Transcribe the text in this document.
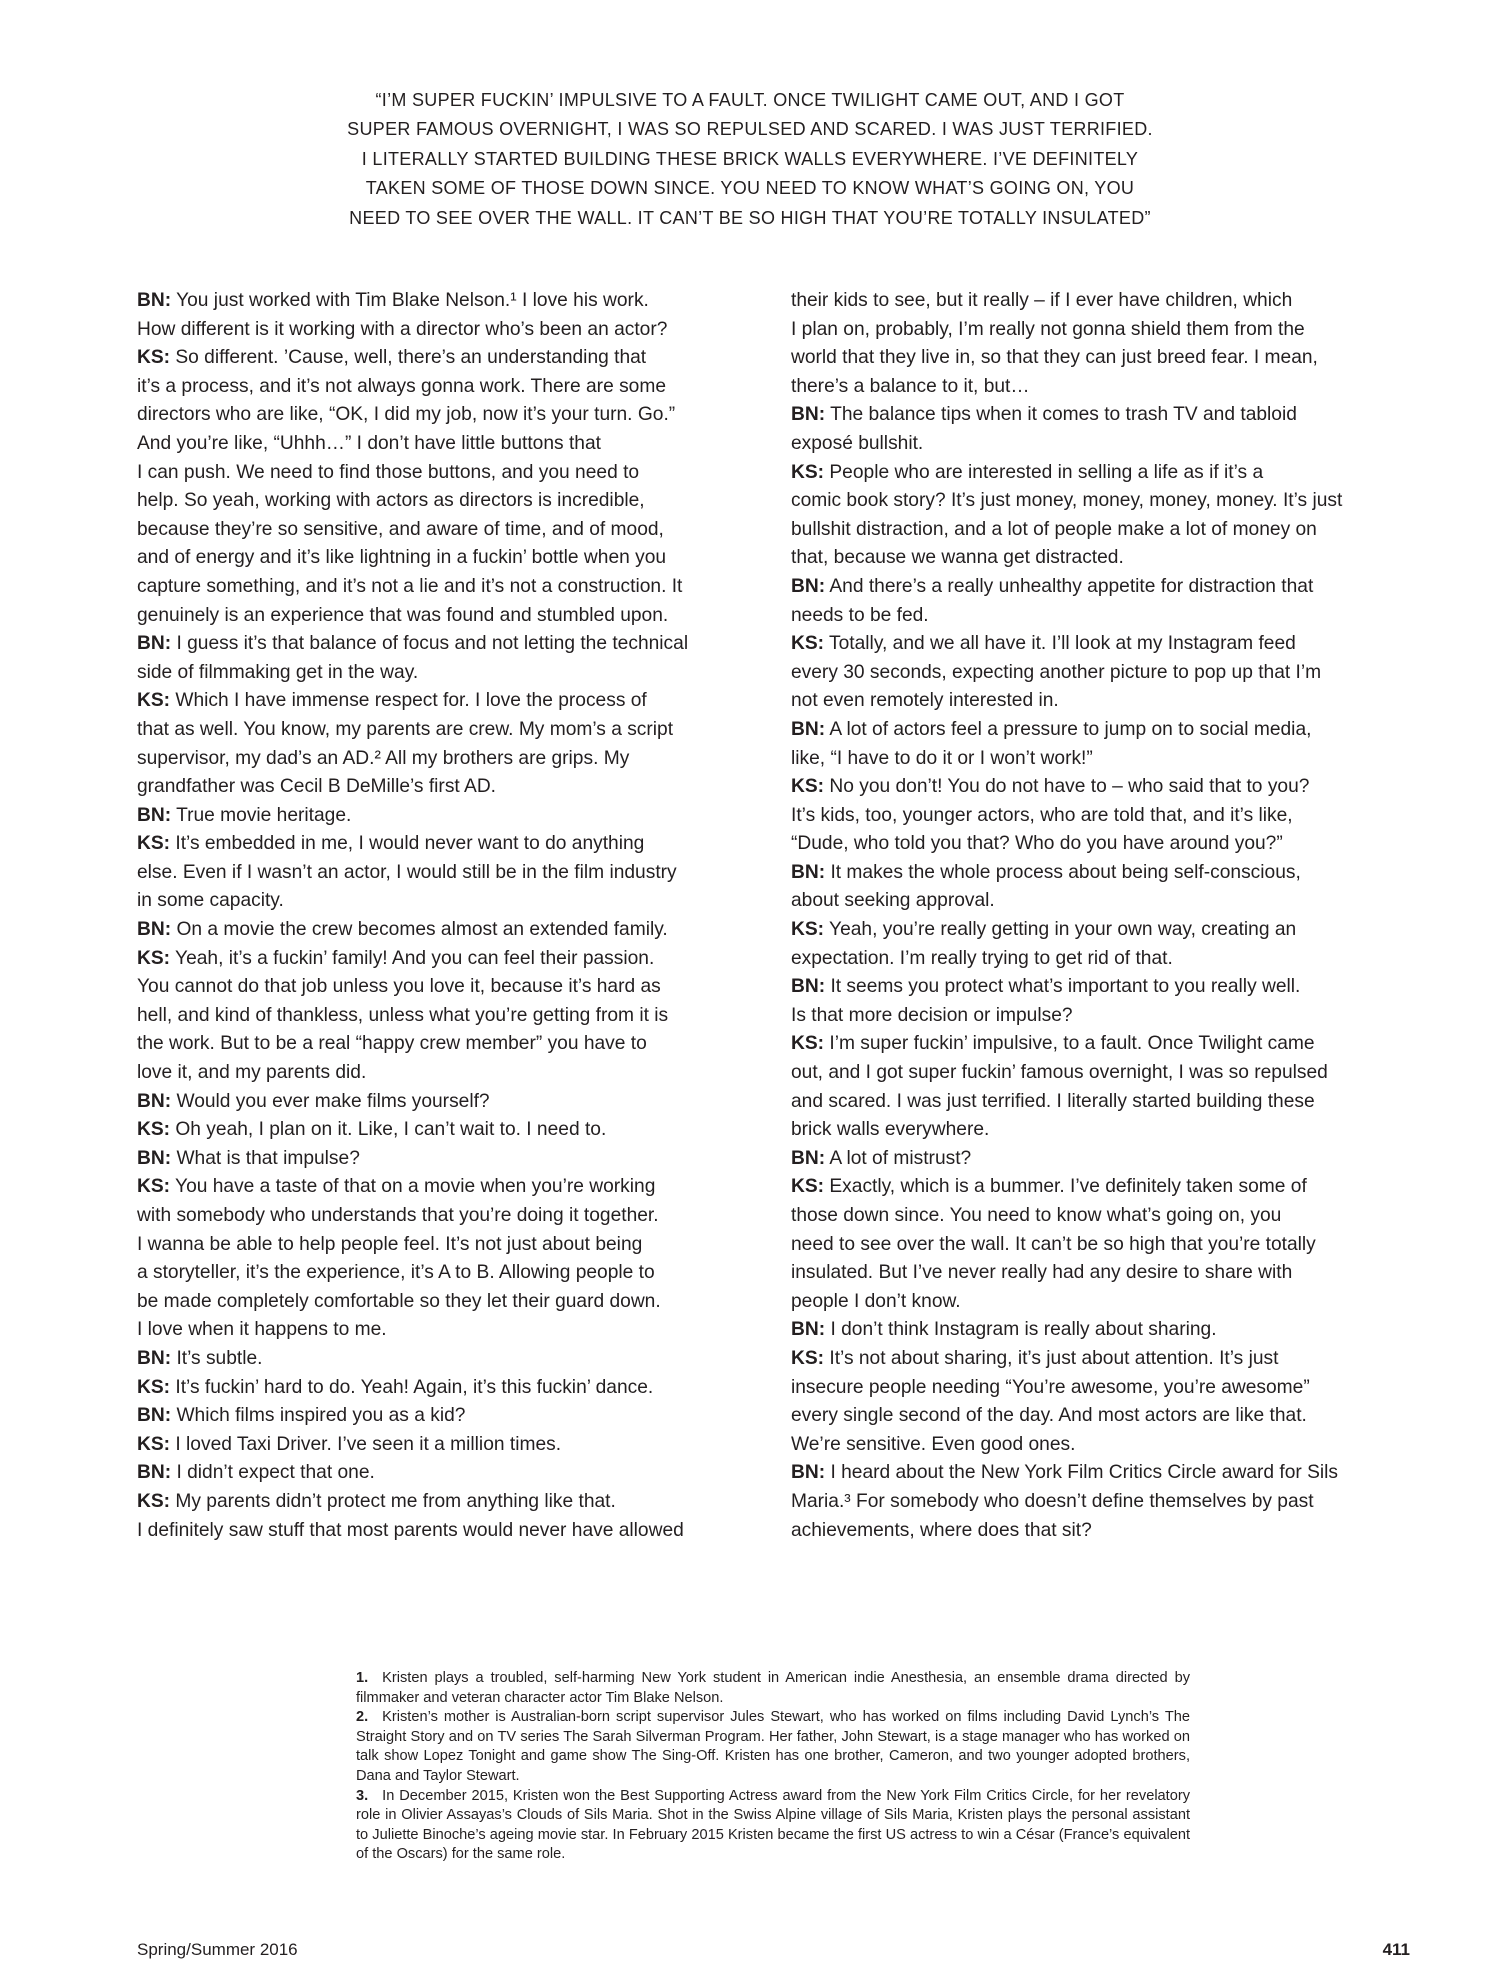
“I’M SUPER FUCKIN’ IMPULSIVE TO A FAULT. ONCE TWILIGHT CAME OUT, AND I GOT
SUPER FAMOUS OVERNIGHT, I WAS SO REPULSED AND SCARED. I WAS JUST TERRIFIED.
I LITERALLY STARTED BUILDING THESE BRICK WALLS EVERYWHERE. I’VE DEFINITELY
TAKEN SOME OF THOSE DOWN SINCE. YOU NEED TO KNOW WHAT’S GOING ON, YOU
NEED TO SEE OVER THE WALL. IT CAN’T BE SO HIGH THAT YOU’RE TOTALLY INSULATED”
BN: You just worked with Tim Blake Nelson.¹ I love his work.
How different is it working with a director who’s been an actor?
KS: So different. ’Cause, well, there’s an understanding that
it’s a process, and it’s not always gonna work. There are some
directors who are like, “OK, I did my job, now it’s your turn. Go.”
And you’re like, “Uhhh…” I don’t have little buttons that
I can push. We need to find those buttons, and you need to
help. So yeah, working with actors as directors is incredible,
because they’re so sensitive, and aware of time, and of mood,
and of energy and it’s like lightning in a fuckin’ bottle when you
capture something, and it’s not a lie and it’s not a construction. It
genuinely is an experience that was found and stumbled upon.
BN: I guess it’s that balance of focus and not letting the technical
side of filmmaking get in the way.
KS: Which I have immense respect for. I love the process of
that as well. You know, my parents are crew. My mom’s a script
supervisor, my dad’s an AD.² All my brothers are grips. My
grandfather was Cecil B DeMille’s first AD.
BN: True movie heritage.
KS: It’s embedded in me, I would never want to do anything
else. Even if I wasn’t an actor, I would still be in the film industry
in some capacity.
BN: On a movie the crew becomes almost an extended family.
KS: Yeah, it’s a fuckin’ family! And you can feel their passion.
You cannot do that job unless you love it, because it’s hard as
hell, and kind of thankless, unless what you’re getting from it is
the work. But to be a real “happy crew member” you have to
love it, and my parents did.
BN: Would you ever make films yourself?
KS: Oh yeah, I plan on it. Like, I can’t wait to. I need to.
BN: What is that impulse?
KS: You have a taste of that on a movie when you’re working
with somebody who understands that you’re doing it together.
I wanna be able to help people feel. It’s not just about being
a storyteller, it’s the experience, it’s A to B. Allowing people to
be made completely comfortable so they let their guard down.
I love when it happens to me.
BN: It’s subtle.
KS: It’s fuckin’ hard to do. Yeah! Again, it’s this fuckin’ dance.
BN: Which films inspired you as a kid?
KS: I loved Taxi Driver. I’ve seen it a million times.
BN: I didn’t expect that one.
KS: My parents didn’t protect me from anything like that.
I definitely saw stuff that most parents would never have allowed
their kids to see, but it really – if I ever have children, which
I plan on, probably, I’m really not gonna shield them from the
world that they live in, so that they can just breed fear. I mean,
there’s a balance to it, but…
BN: The balance tips when it comes to trash TV and tabloid
exposé bullshit.
KS: People who are interested in selling a life as if it’s a
comic book story? It’s just money, money, money, money. It’s just
bullshit distraction, and a lot of people make a lot of money on
that, because we wanna get distracted.
BN: And there’s a really unhealthy appetite for distraction that
needs to be fed.
KS: Totally, and we all have it. I’ll look at my Instagram feed
every 30 seconds, expecting another picture to pop up that I’m
not even remotely interested in.
BN: A lot of actors feel a pressure to jump on to social media,
like, “I have to do it or I won’t work!”
KS: No you don’t! You do not have to – who said that to you?
It’s kids, too, younger actors, who are told that, and it’s like,
“Dude, who told you that? Who do you have around you?”
BN: It makes the whole process about being self-conscious,
about seeking approval.
KS: Yeah, you’re really getting in your own way, creating an
expectation. I’m really trying to get rid of that.
BN: It seems you protect what’s important to you really well.
Is that more decision or impulse?
KS: I’m super fuckin’ impulsive, to a fault. Once Twilight came
out, and I got super fuckin’ famous overnight, I was so repulsed
and scared. I was just terrified. I literally started building these
brick walls everywhere.
BN: A lot of mistrust?
KS: Exactly, which is a bummer. I’ve definitely taken some of
those down since. You need to know what’s going on, you
need to see over the wall. It can’t be so high that you’re totally
insulated. But I’ve never really had any desire to share with
people I don’t know.
BN: I don’t think Instagram is really about sharing.
KS: It’s not about sharing, it’s just about attention. It’s just
insecure people needing “You’re awesome, you’re awesome”
every single second of the day. And most actors are like that.
We’re sensitive. Even good ones.
BN: I heard about the New York Film Critics Circle award for Sils
Maria.³ For somebody who doesn’t define themselves by past
achievements, where does that sit?

1. Kristen plays a troubled, self-harming New York student in American indie Anesthesia, an ensemble drama directed by filmmaker and veteran character actor Tim Blake Nelson.

2. Kristen’s mother is Australian-born script supervisor Jules Stewart, who has worked on films including David Lynch’s The Straight Story and on TV series The Sarah Silverman Program. Her father, John Stewart, is a stage manager who has worked on talk show Lopez Tonight and game show The Sing-Off. Kristen has one brother, Cameron, and two younger adopted brothers, Dana and Taylor Stewart.

3. In December 2015, Kristen won the Best Supporting Actress award from the New York Film Critics Circle, for her revelatory role in Olivier Assayas’s Clouds of Sils Maria. Shot in the Swiss Alpine village of Sils Maria, Kristen plays the personal assistant to Juliette Binoche’s ageing movie star. In February 2015 Kristen became the first US actress to win a César (France’s equivalent of the Oscars) for the same role.

Spring/Summer 2016	411
